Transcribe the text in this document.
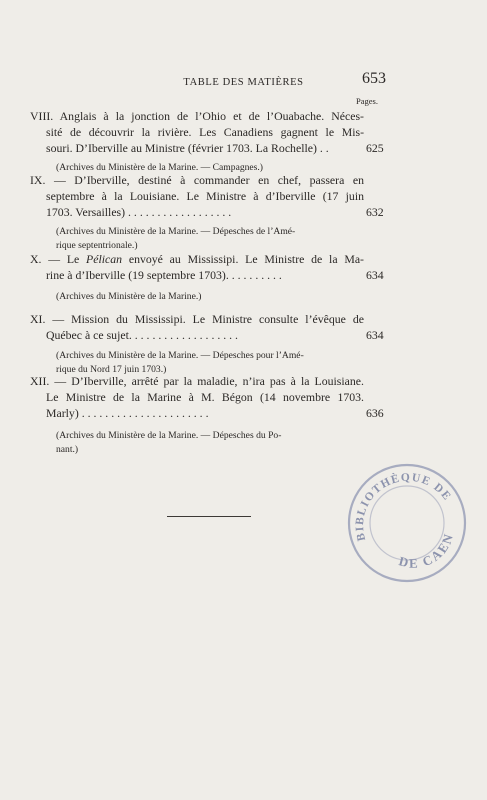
TABLE DES MATIÈRES	653
Pages.
VIII. Anglais à la jonction de l’Ohio et de l’Ouabache. Néces-
sité de découvrir la rivière. Les Canadiens gagnent le Mis-
souri. D’Iberville au Ministre (février 1703. La Rochelle) . .	625
(Archives du Ministère de la Marine. — Campagnes.)
IX. — D’Iberville, destiné à commander en chef, passera en
septembre à la Louisiane. Le Ministre à d’Iberville (17 juin
1703. Versailles) . . . . . . . . . . . . . . . . . .	632
(Archives du Ministère de la Marine. — Dépesches de l’Amé-
rique septentrionale.)
X. — Le Pélican envoyé au Mississipi. Le Ministre de la Ma-
rine à d’Iberville (19 septembre 1703). . . . . . . . . .	634
(Archives du Ministère de la Marine.)
XI. — Mission du Mississipi. Le Ministre consulte l’évêque de
Québec à ce sujet. . . . . . . . . . . . . . . . . . .	634
(Archives du Ministère de la Marine. — Dépesches pour l’Amé-
rique du Nord 17 juin 1703.)
XII. — D’Iberville, arrêté par la maladie, n’ira pas à la Louisiane.
Le Ministre de la Marine à M. Bégon (14 novembre 1703.
Marly) . . . . . . . . . . . . . . . . . . . . . .	636
(Archives du Ministère de la Marine. — Dépesches du Po-
nant.)
BIBLIOTHÈQUE DE
DE CAEN
